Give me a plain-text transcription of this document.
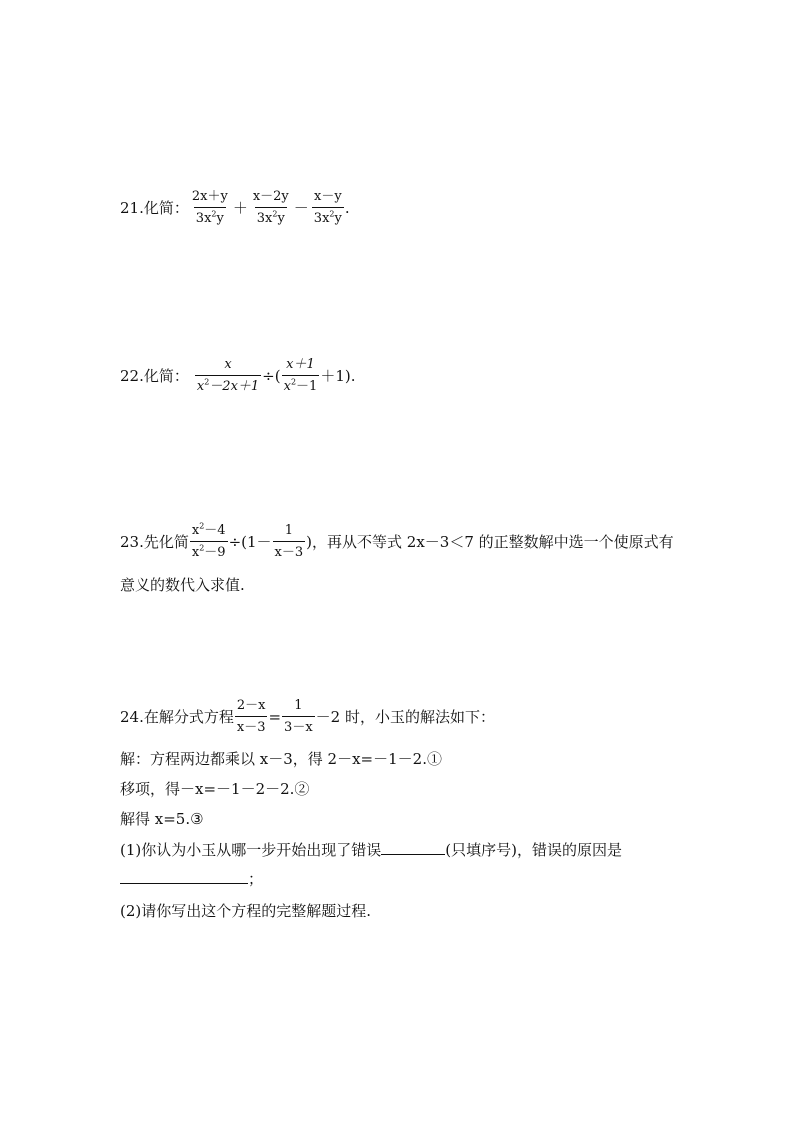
21.化简： $\frac{2x+y}{3x^2y} + \frac{x-2y}{3x^2y} - \frac{x-y}{3x^2y}$ .
22.化简： $\frac{x}{x^2-2x+1}$ ÷( $\frac{x+1}{x^2-1} +1$).
23.先化简 $\frac{x^2-4}{x^2-9} \div(1- \frac{1}{x-3}$ )，再从不等式 2x－3＜7 的正整数解中选一个使原式有
意义的数代入求值.
24.在解分式方程 $\frac{2-x}{x-3} = \frac{1}{3-x} -2$ 时，小玉的解法如下：
解：方程两边都乘以 x－3，得 2－x=－1－2.①
移项，得－x=－1－2－2.②
解得 x=5.③
(1)你认为小玉从哪一步开始出现了错误	(只填序号)，错误的原因是
；
(2)请你写出这个方程的完整解题过程.
